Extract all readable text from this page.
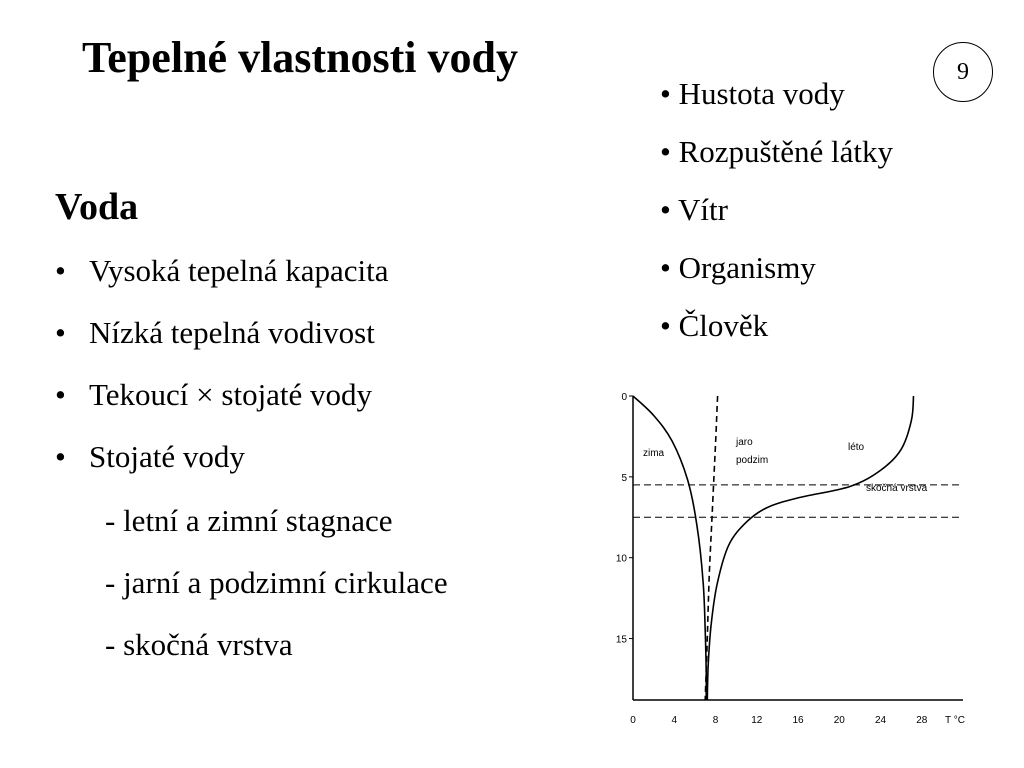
Tepelné vlastnosti vody	9
• Hustota vody
• Rozpuštěné látky
• Vítr
• Organismy
• Člověk
Voda
• Vysoká tepelná kapacita
• Nízká tepelná vodivost
• Tekoucí × stojaté vody
• Stojaté vody
- letní a zimní stagnace
- jarní a podzimní cirkulace
- skočná vrstva
0	4	8	12	16	20	24	28
0
5
10
15
zima
jaro
podzim
léto
skočná vrstva
T °C
